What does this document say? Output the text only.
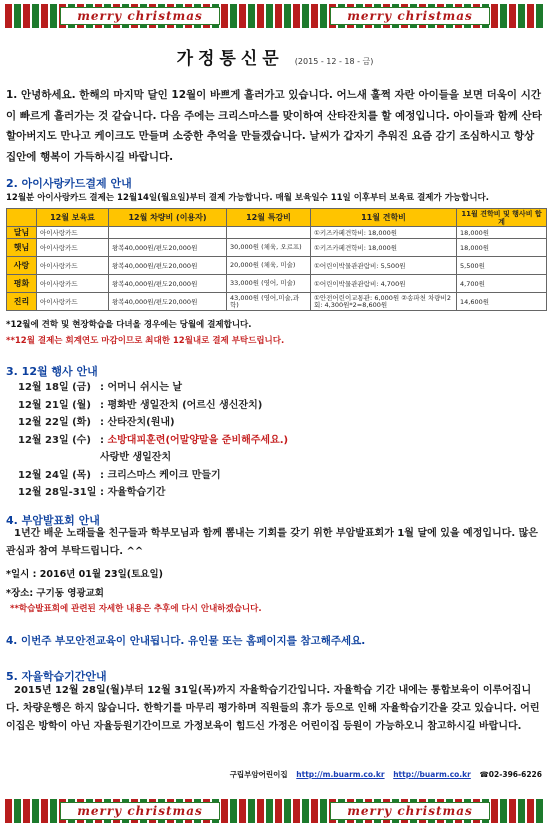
merry christmas	merry christmas
가정통신문 (2015 - 12 - 18 - 금)
1. 안녕하세요. 한해의 마지막 달인 12월이 바쁘게 흘러가고 있습니다. 어느새 훌쩍 자란 아이들을 보면 더욱이 시간이 빠르게 흘러가는 것 같습니다. 다음 주에는 크리스마스를 맞이하여 산타잔치를 할 예정입니다. 아이들과 함께 산타할아버지도 만나고 케이크도 만들며 소중한 추억을 만들겠습니다. 날씨가 갑자기 추워진 요즘 감기 조심하시고 항상 집안에 행복이 가득하시길 바랍니다.
2. 아이사랑카드결제 안내
12월분 아이사랑카드 결제는 12월14일(월요일)부터 결제 가능합니다. 매월 보육일수 11일 이후부터 보육료 결제가 가능합니다.
	12월 보육료	12월 차량비 (이용자)	12월 특강비	11월 견학비	11월 견학비 및 행사비 합계
달님	아이사랑카드			①키즈카페견학비: 18,000원	18,000원
햇님	아이사랑카드	왕복40,000원/편도20,000원	30,000원 (체육, 오르프)	①키즈카페견학비: 18,000원	18,000원
사랑	아이사랑카드	왕복40,000원/편도20,000원	20,000원 (체육, 미술)	①어린이박물관관람비: 5,500원	5,500원
평화	아이사랑카드	왕복40,000원/편도20,000원	33,000원 (영어, 미술)	①어린이박물관관람비: 4,700원	4,700원
진리	아이사랑카드	왕복40,000원/편도20,000원	43,000원 (영어,미술,과학)	①안전어린이교통관: 6,000원 ②송파천 차량비2회: 4,300원*2=8,600원	14,600원
*12월에 견학 및 현장학습을 다녀올 경우에는 당월에 결제합니다.
**12월 결제는 회계연도 마감이므로 최대한 12월내로 결제 부탁드립니다.
3. 12월 행사 안내
12월 18일 (금) : 어머니 쉬시는 날
12월 21일 (월) : 평화반 생일잔치 (어르신 생신잔치)
12월 22일 (화) : 산타잔치(원내)
12월 23일 (수) : 소방대피훈련(어말양말을 준비해주세요.)
사랑반 생일잔치
12월 24일 (목) : 크리스마스 케이크 만들기
12월 28일-31일 : 자율학습기간
4. 부암발표회 안내
1년간 배운 노래들을 친구들과 학부모님과 함께 뽐내는 기회를 갖기 위한 부암발표회가 1월 달에 있을 예정입니다. 많은 관심과 참여 부탁드립니다. ^^
*일시 : 2016년 01월 23일(토요일)
*장소: 구기동 영광교회
**학습발표회에 관련된 자세한 내용은 추후에 다시 안내하겠습니다.
4. 이번주 부모안전교육이 안내됩니다. 유인물 또는 홈페이지를 참고해주세요.
5. 자율학습기간안내
2015년 12월 28일(월)부터 12월 31일(목)까지 자율학습기간입니다. 자율학습 기간 내에는 통합보육이 이루어집니다. 차량운행은 하지 않습니다. 한학기를 마무리 평가하며 직원들의 휴가 등으로 인해 자율학습기간을 갖고 있습니다. 어린이집은 방학이 아닌 자율등원기간이므로 가정보육이 힘드신 가정은 어린이집 등원이 가능하오니 참고하시길 바랍니다.
구립부암어린이집 http://m.buarm.co.kr http://buarm.co.kr ☎02-396-6226
merry christmas	merry christmas
